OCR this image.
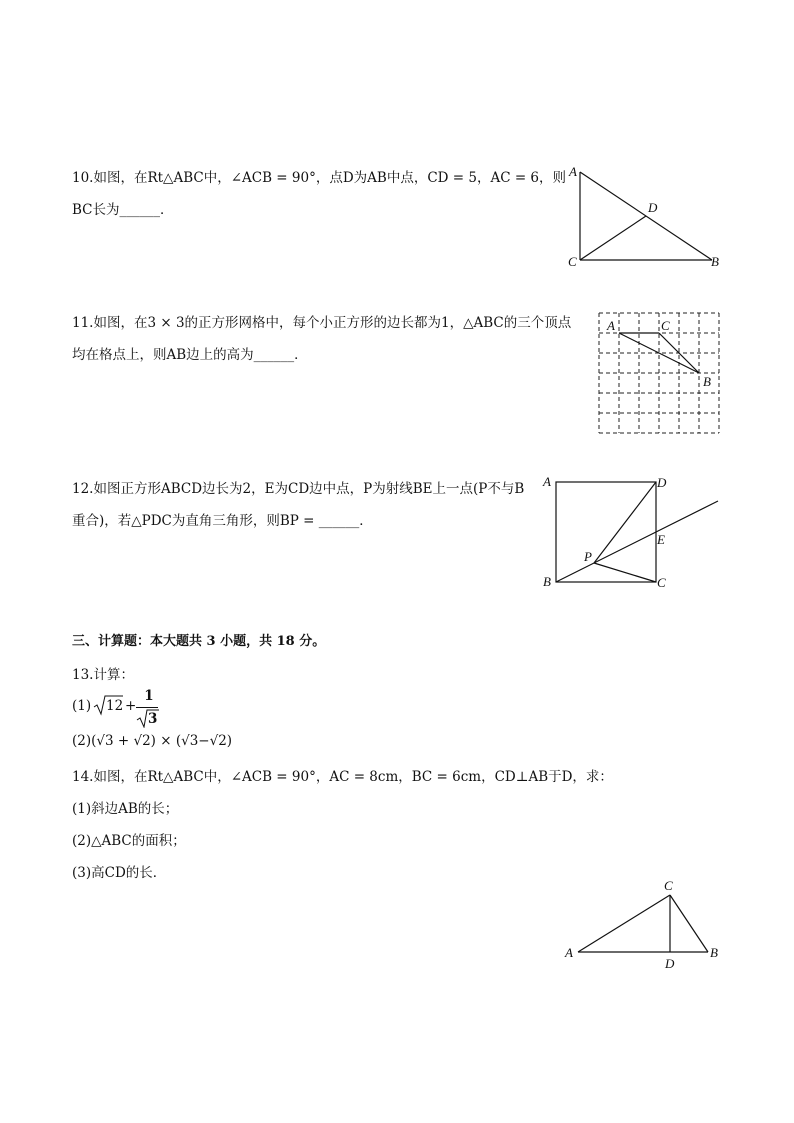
10.如图，在Rt△ABC中，∠ACB = 90°，点D为AB中点，CD = 5，AC = 6，则
BC长为______．
A
D
C	B
11.如图，在3 × 3的正方形网格中，每个小正方形的边长都为1，△ABC的三个顶点
均在格点上，则AB边上的高为______．
A	C
B
12.如图正方形ABCD边长为2，E为CD边中点，P为射线BE上一点(P不与B
重合)，若△PDC为直角三角形，则BP = ______．
A	D
E
P
B	C
三、计算题：本大题共 3 小题，共 18 分。
13.计算：
(1) 12 +
1
3
(2)(√3 + √2) × (√3−√2)
14.如图，在Rt△ABC中，∠ACB = 90°，AC = 8cm，BC = 6cm，CD⊥AB于D，求：
(1)斜边AB的长；
(2)△ABC的面积；
(3)高CD的长．
C
A	B
D
